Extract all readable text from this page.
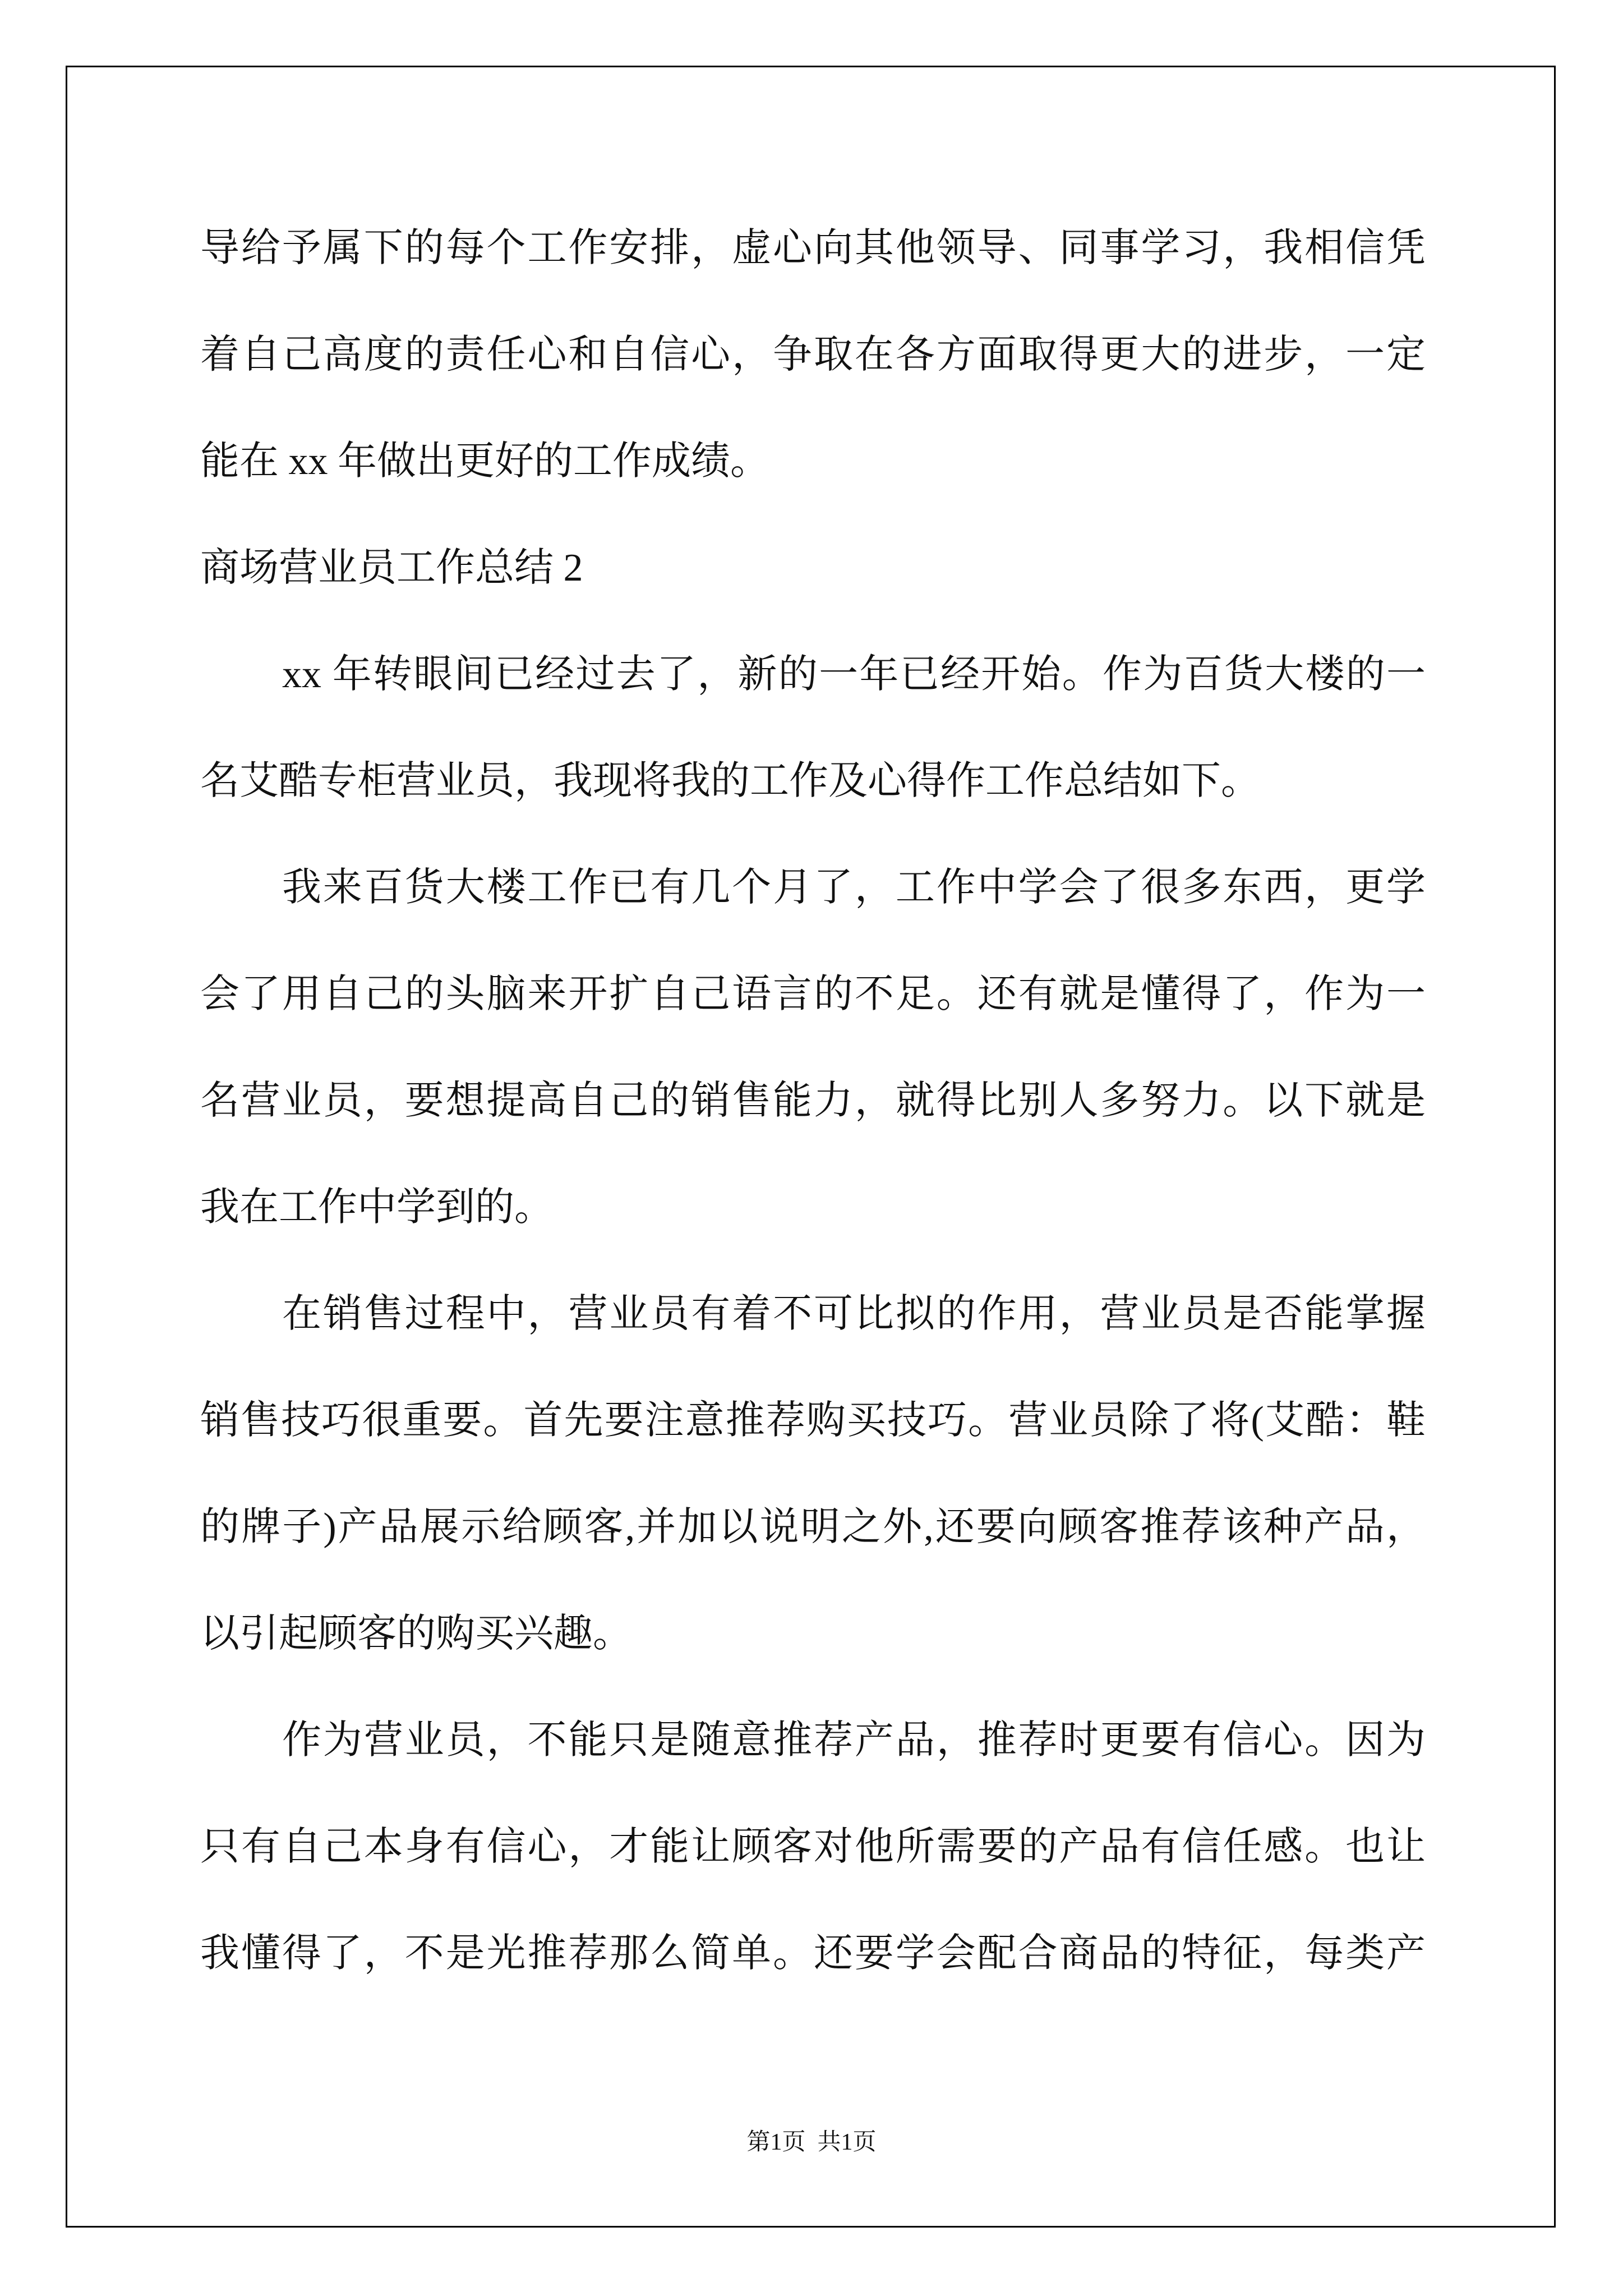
导给予属下的每个工作安排，虚心向其他领导、同事学习，我相信凭
着自己高度的责任心和自信心，争取在各方面取得更大的进步，一定
能在 xx 年做出更好的工作成绩。
商场营业员工作总结 2
xx 年转眼间已经过去了，新的一年已经开始。作为百货大楼的一
名艾酷专柜营业员，我现将我的工作及心得作工作总结如下。
我来百货大楼工作已有几个月了，工作中学会了很多东西，更学
会了用自己的头脑来开扩自己语言的不足。还有就是懂得了，作为一
名营业员，要想提高自己的销售能力，就得比别人多努力。以下就是
我在工作中学到的。
在销售过程中，营业员有着不可比拟的作用，营业员是否能掌握
销售技巧很重要。首先要注意推荐购买技巧。营业员除了将(艾酷：鞋
的牌子)产品展示给顾客,并加以说明之外,还要向顾客推荐该种产品，
以引起顾客的购买兴趣。
作为营业员，不能只是随意推荐产品，推荐时更要有信心。因为
只有自己本身有信心，才能让顾客对他所需要的产品有信任感。也让
我懂得了，不是光推荐那么简单。还要学会配合商品的特征，每类产
第1页  共1页
